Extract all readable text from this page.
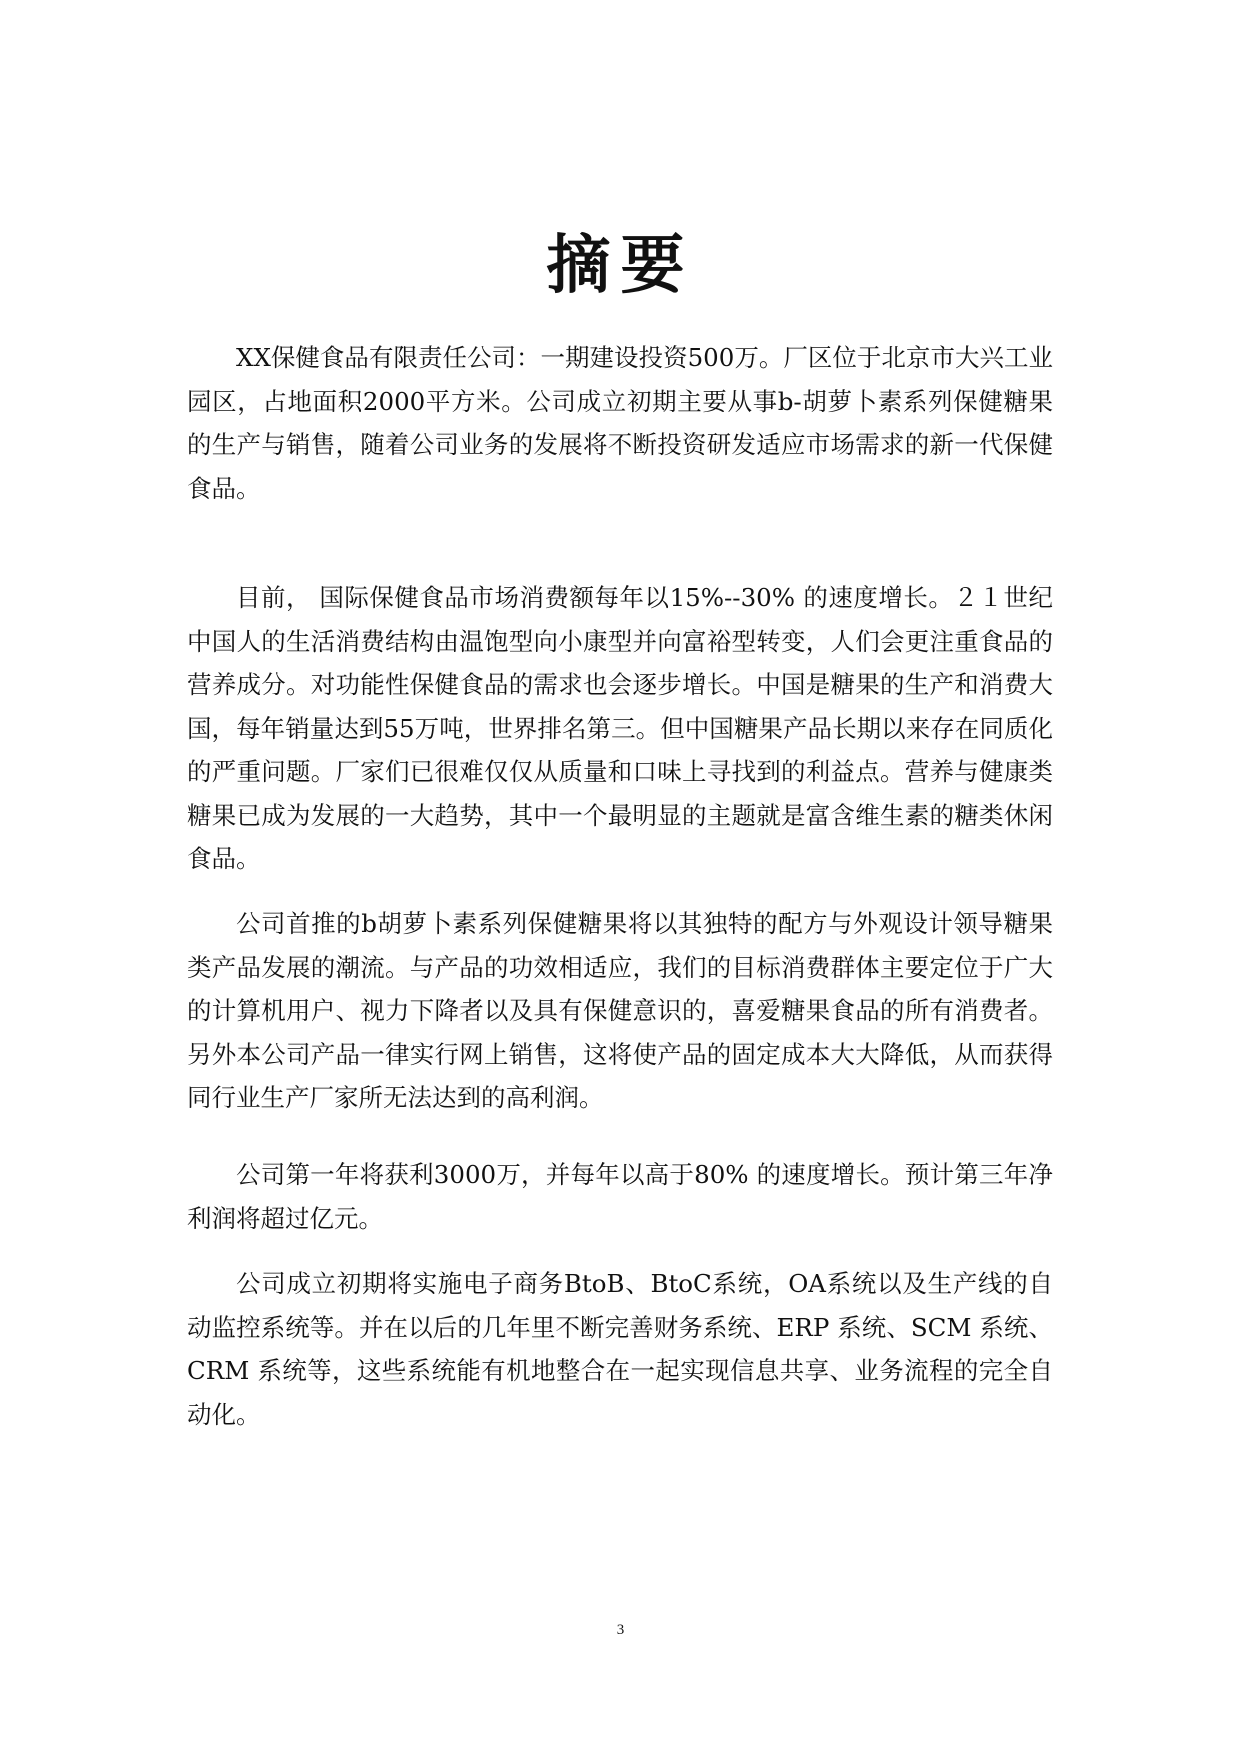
摘要

XX保健食品有限责任公司：一期建设投资500万。厂区位于北京市大兴工业园区，占地面积2000平方米。公司成立初期主要从事b-胡萝卜素系列保健糖果的生产与销售，随着公司业务的发展将不断投资研发适应市场需求的新一代保健食品。

目前， 国际保健食品市场消费额每年以15%--30% 的速度增长。２１世纪中国人的生活消费结构由温饱型向小康型并向富裕型转变，人们会更注重食品的营养成分。对功能性保健食品的需求也会逐步增长。中国是糖果的生产和消费大国，每年销量达到55万吨，世界排名第三。但中国糖果产品长期以来存在同质化的严重问题。厂家们已很难仅仅从质量和口味上寻找到的利益点。营养与健康类糖果已成为发展的一大趋势，其中一个最明显的主题就是富含维生素的糖类休闲食品。

公司首推的b胡萝卜素系列保健糖果将以其独特的配方与外观设计领导糖果类产品发展的潮流。与产品的功效相适应，我们的目标消费群体主要定位于广大的计算机用户、视力下降者以及具有保健意识的，喜爱糖果食品的所有消费者。另外本公司产品一律实行网上销售，这将使产品的固定成本大大降低，从而获得同行业生产厂家所无法达到的高利润。

公司第一年将获利3000万，并每年以高于80% 的速度增长。预计第三年净利润将超过亿元。

公司成立初期将实施电子商务BtoB、BtoC系统，OA系统以及生产线的自动监控系统等。并在以后的几年里不断完善财务系统、ERP 系统、SCM 系统、CRM 系统等，这些系统能有机地整合在一起实现信息共享、业务流程的完全自动化。

3
